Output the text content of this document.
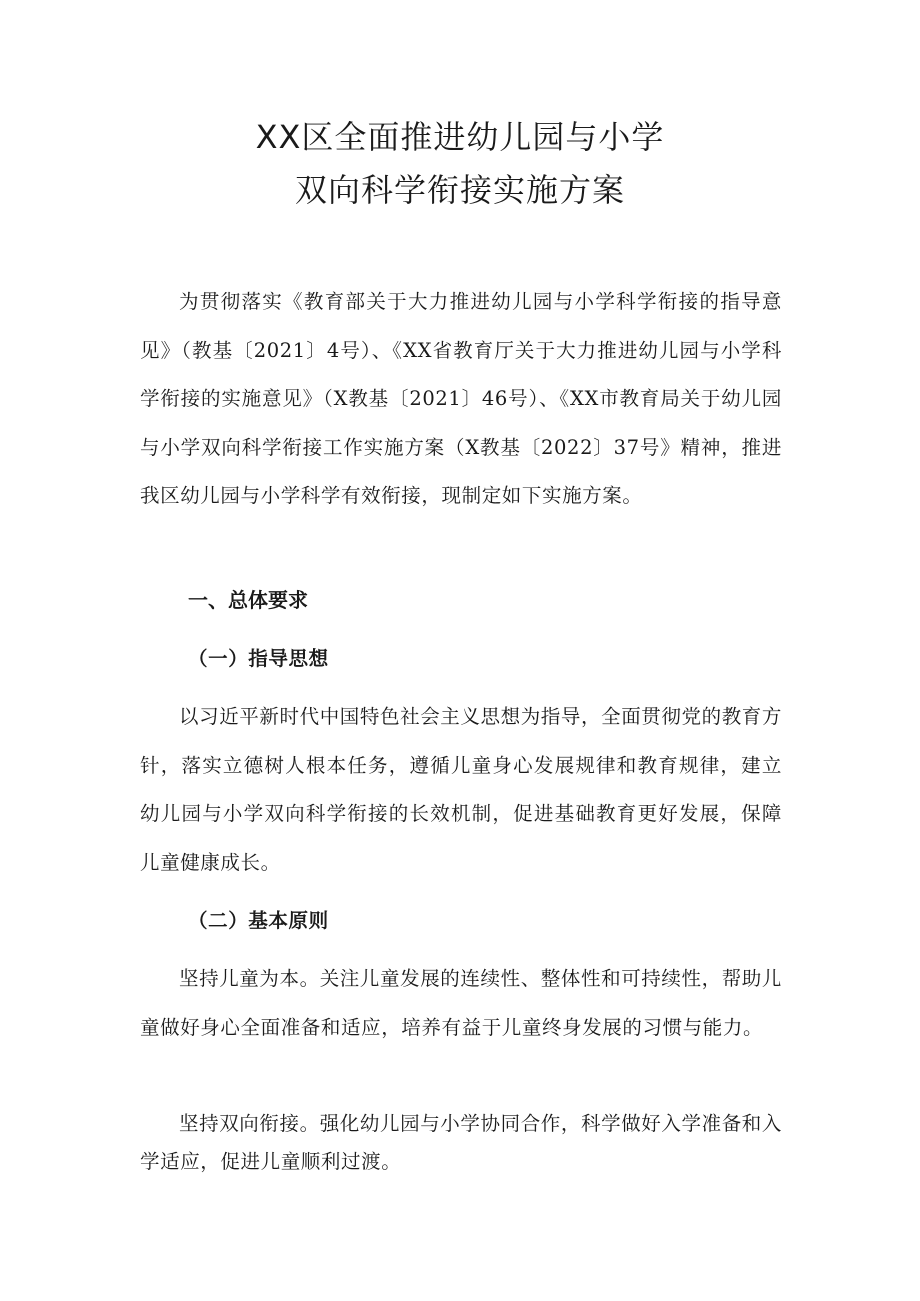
XX区全面推进幼儿园与小学
双向科学衔接实施方案

为贯彻落实《教育部关于大力推进幼儿园与小学科学衔接的指导意见》（教基〔2021〕4号）、《XX省教育厅关于大力推进幼儿园与小学科学衔接的实施意见》（X教基〔2021〕46号）、《XX市教育局关于幼儿园与小学双向科学衔接工作实施方案（X教基〔2022〕37号》精神，推进我区幼儿园与小学科学有效衔接，现制定如下实施方案。

一、总体要求
（一）指导思想

以习近平新时代中国特色社会主义思想为指导，全面贯彻党的教育方针，落实立德树人根本任务，遵循儿童身心发展规律和教育规律，建立幼儿园与小学双向科学衔接的长效机制，促进基础教育更好发展，保障儿童健康成长。

（二）基本原则

坚持儿童为本。关注儿童发展的连续性、整体性和可持续性，帮助儿童做好身心全面准备和适应，培养有益于儿童终身发展的习惯与能力。

坚持双向衔接。强化幼儿园与小学协同合作，科学做好入学准备和入学适应，促进儿童顺利过渡。
